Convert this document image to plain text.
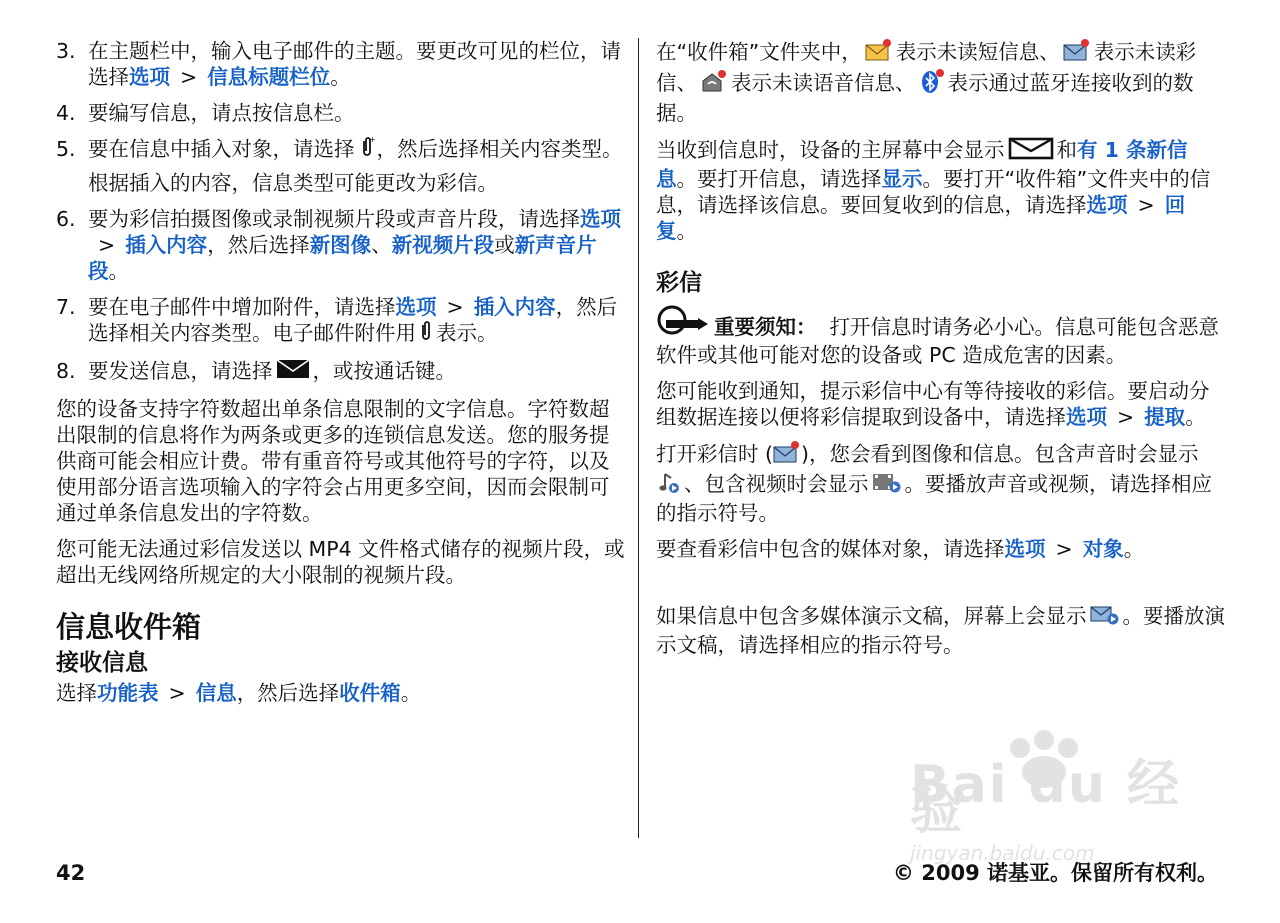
3. 在主题栏中，输入电子邮件的主题。要更改可见的栏位，请选择选项 > 信息标题栏位。
4. 要编写信息，请点按信息栏。
5. 要在信息中插入对象，请选择 + ，然后选择相关内容类型。

根据插入的内容，信息类型可能更改为彩信。

6. 要为彩信拍摄图像或录制视频片段或声音片段，请选择选项> 插入内容，然后选择新图像、新视频片段或新声音片段。
7. 要在电子邮件中增加附件，请选择选项 > 插入内容，然后选择相关内容类型。电子邮件附件用 表示。
8. 要发送信息，请选择 ，或按通话键。

您的设备支持字符数超出单条信息限制的文字信息。字符数超出限制的信息将作为两条或更多的连锁信息发送。您的服务提供商可能会相应计费。带有重音符号或其他符号的字符，以及使用部分语言选项输入的字符会占用更多空间，因而会限制可通过单条信息发出的字符数。

您可能无法通过彩信发送以 MP4 文件格式储存的视频片段，或超出无线网络所规定的大小限制的视频片段。

信息收件箱
接收信息

选择功能表 > 信息，然后选择收件箱。

在“收件箱”文件夹中， 表示未读短信息、 表示未读彩信、 表示未读语音信息、 表示通过蓝牙连接收到的数据。

当收到信息时，设备的主屏幕中会显示	和有 1 条新信息。要打开信息，请选择显示。要打开“收件箱”文件夹中的信息，请选择该信息。要回复收到的信息，请选择选项 > 回复。

彩信

重要须知： 打开信息时请务必小心。信息可能包含恶意软件或其他可能对您的设备或 PC 造成危害的因素。

您可能收到通知，提示彩信中心有等待接收的彩信。要启动分组数据连接以便将彩信提取到设备中，请选择选项 > 提取。

打开彩信时 ( )，您会看到图像和信息。包含声音时会显示、包含视频时会显示 。要播放声音或视频，请选择相应的指示符号。

要查看彩信中包含的媒体对象，请选择选项 > 对象。

如果信息中包含多媒体演示文稿，屏幕上会显示 。要播放演示文稿，请选择相应的指示符号。

Bai du 经验
jingyan.baidu.com
42	© 2009 诺基亚。保留所有权利。
